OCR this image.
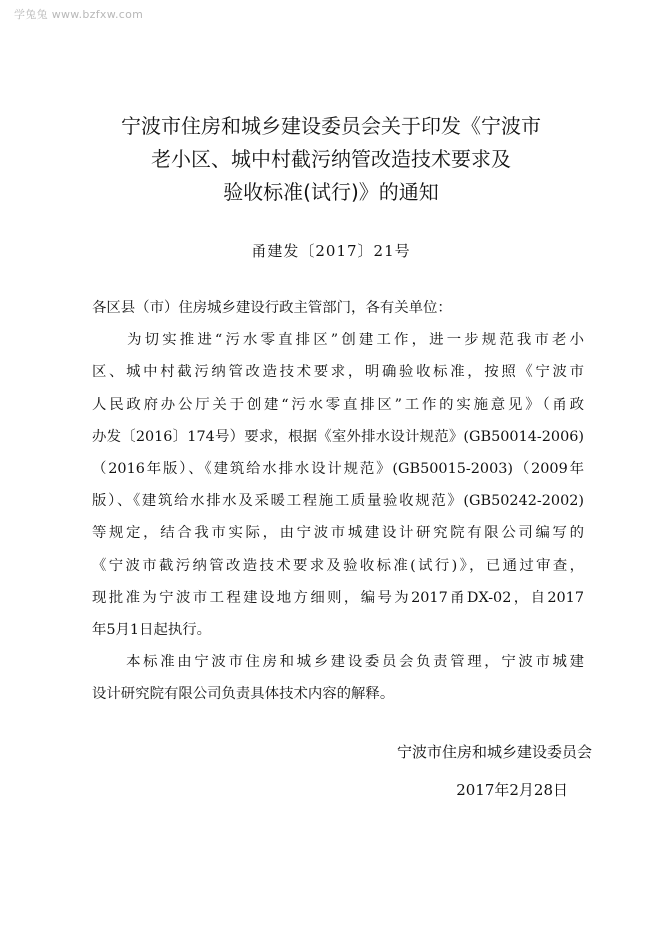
学兔兔 www.bzfxw.com
宁波市住房和城乡建设委员会关于印发《宁波市
老小区、城中村截污纳管改造技术要求及
验收标准(试行)》的通知
甬建发〔2017〕21号
各区县（市）住房城乡建设行政主管部门，各有关单位：
　　为切实推进“污水零直排区”创建工作，进一步规范我市老小
区、城中村截污纳管改造技术要求，明确验收标准，按照《宁波市
人民政府办公厅关于创建“污水零直排区”工作的实施意见》（甬政
办发〔2016〕174号）要求，根据《室外排水设计规范》(GB50014-2006)
（2016年版）、《建筑给水排水设计规范》(GB50015-2003)（2009年
版）、《建筑给水排水及采暖工程施工质量验收规范》(GB50242-2002)
等规定，结合我市实际，由宁波市城建设计研究院有限公司编写的
《宁波市截污纳管改造技术要求及验收标准(试行)》，已通过审查，
现批准为宁波市工程建设地方细则，编号为2017甬DX-02，自2017
年5月1日起执行。
　　本标准由宁波市住房和城乡建设委员会负责管理，宁波市城建
设计研究院有限公司负责具体技术内容的解释。
宁波市住房和城乡建设委员会
2017年2月28日
